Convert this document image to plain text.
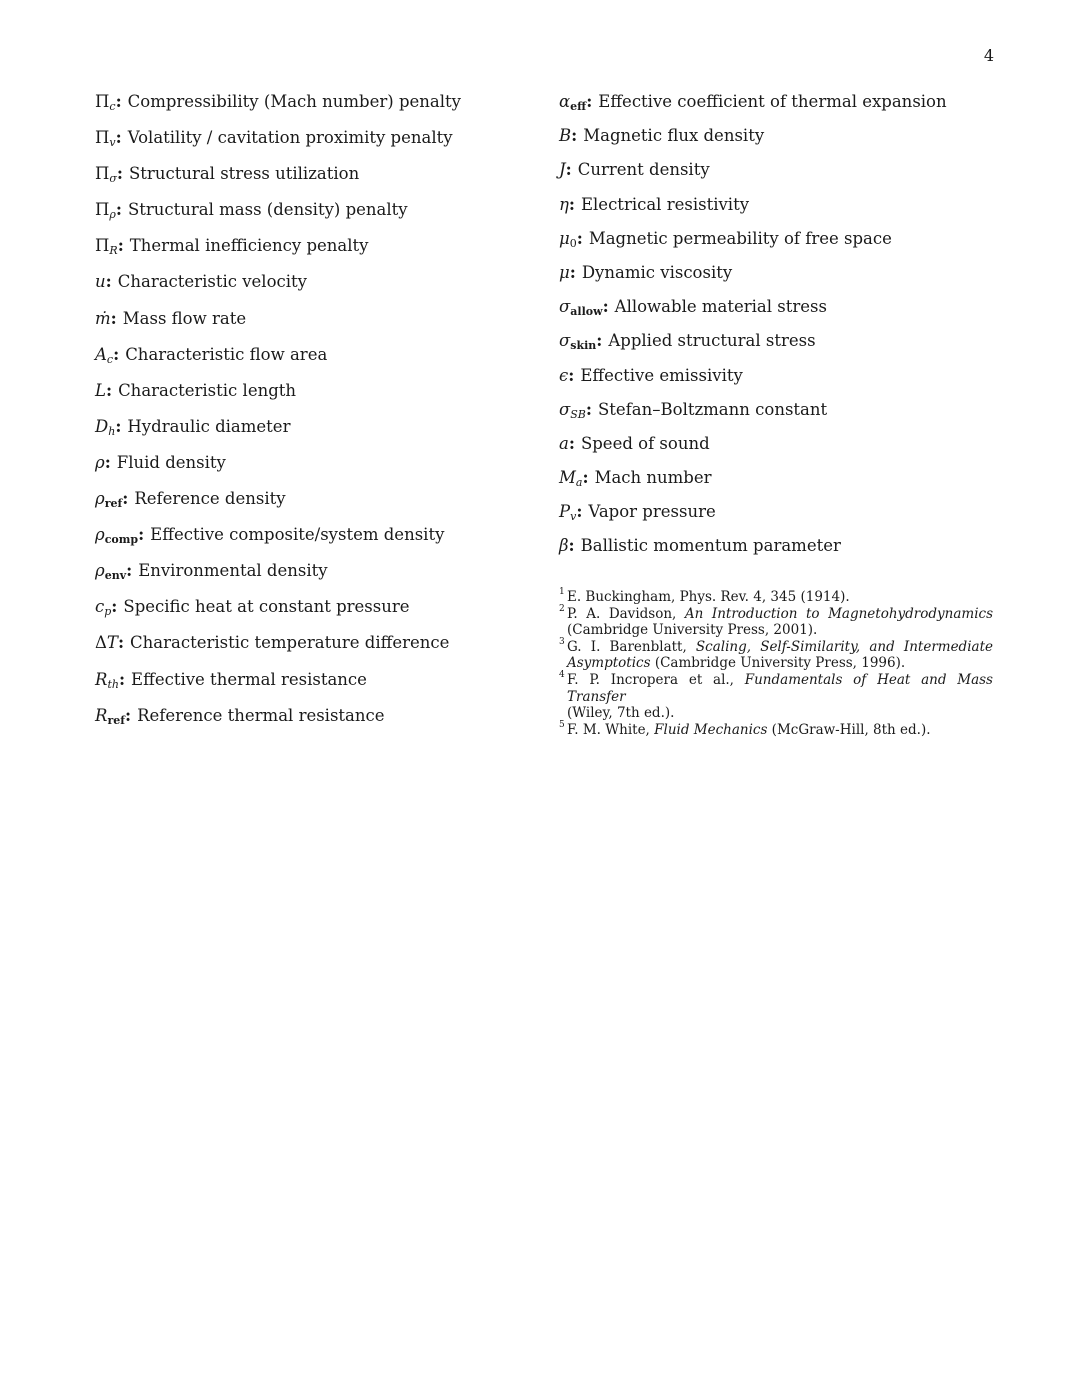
4
$\Pi_c$ : Compressibility (Mach number) penalty
$\Pi_v$ : Volatility / cavitation proximity penalty
$\Pi_\sigma$ : Structural stress utilization
$\Pi_\rho$ : Structural mass (density) penalty
$\Pi_R$ : Thermal inefficiency penalty
u : Characteristic velocity
ṁ : Mass flow rate
$A_c$ : Characteristic flow area
L : Characteristic length
$D_h$ : Hydraulic diameter
ρ : Fluid density
$\rho_{ref}$ : Reference density
$\rho_{comp}$ : Effective composite/system density
$\rho_{env}$ : Environmental density
$c_p$ : Specific heat at constant pressure
ΔT : Characteristic temperature difference
$R_{th}$ : Effective thermal resistance
$R_{ref}$ : Reference thermal resistance
$\alpha_{eff}$ : Effective coefficient of thermal expansion
B : Magnetic flux density
J : Current density
η : Electrical resistivity
$\mu_0$ : Magnetic permeability of free space
μ : Dynamic viscosity
$\sigma_{allow}$ : Allowable material stress
$\sigma_{skin}$ : Applied structural stress
ϵ : Effective emissivity
$\sigma_{SB}$ : Stefan–Boltzmann constant
a : Speed of sound
$M_a$ : Mach number
$P_v$ : Vapor pressure
β : Ballistic momentum parameter
1 E. Buckingham, Phys. Rev. 4, 345 (1914).
2 P. A. Davidson, An Introduction to Magnetohydrodynamics
(Cambridge University Press, 2001).
3 G. I. Barenblatt, Scaling, Self-Similarity, and Intermediate
Asymptotics (Cambridge University Press, 1996).
4 F. P. Incropera et al., Fundamentals of Heat and Mass Transfer
(Wiley, 7th ed.).
5 F. M. White, Fluid Mechanics (McGraw-Hill, 8th ed.).
